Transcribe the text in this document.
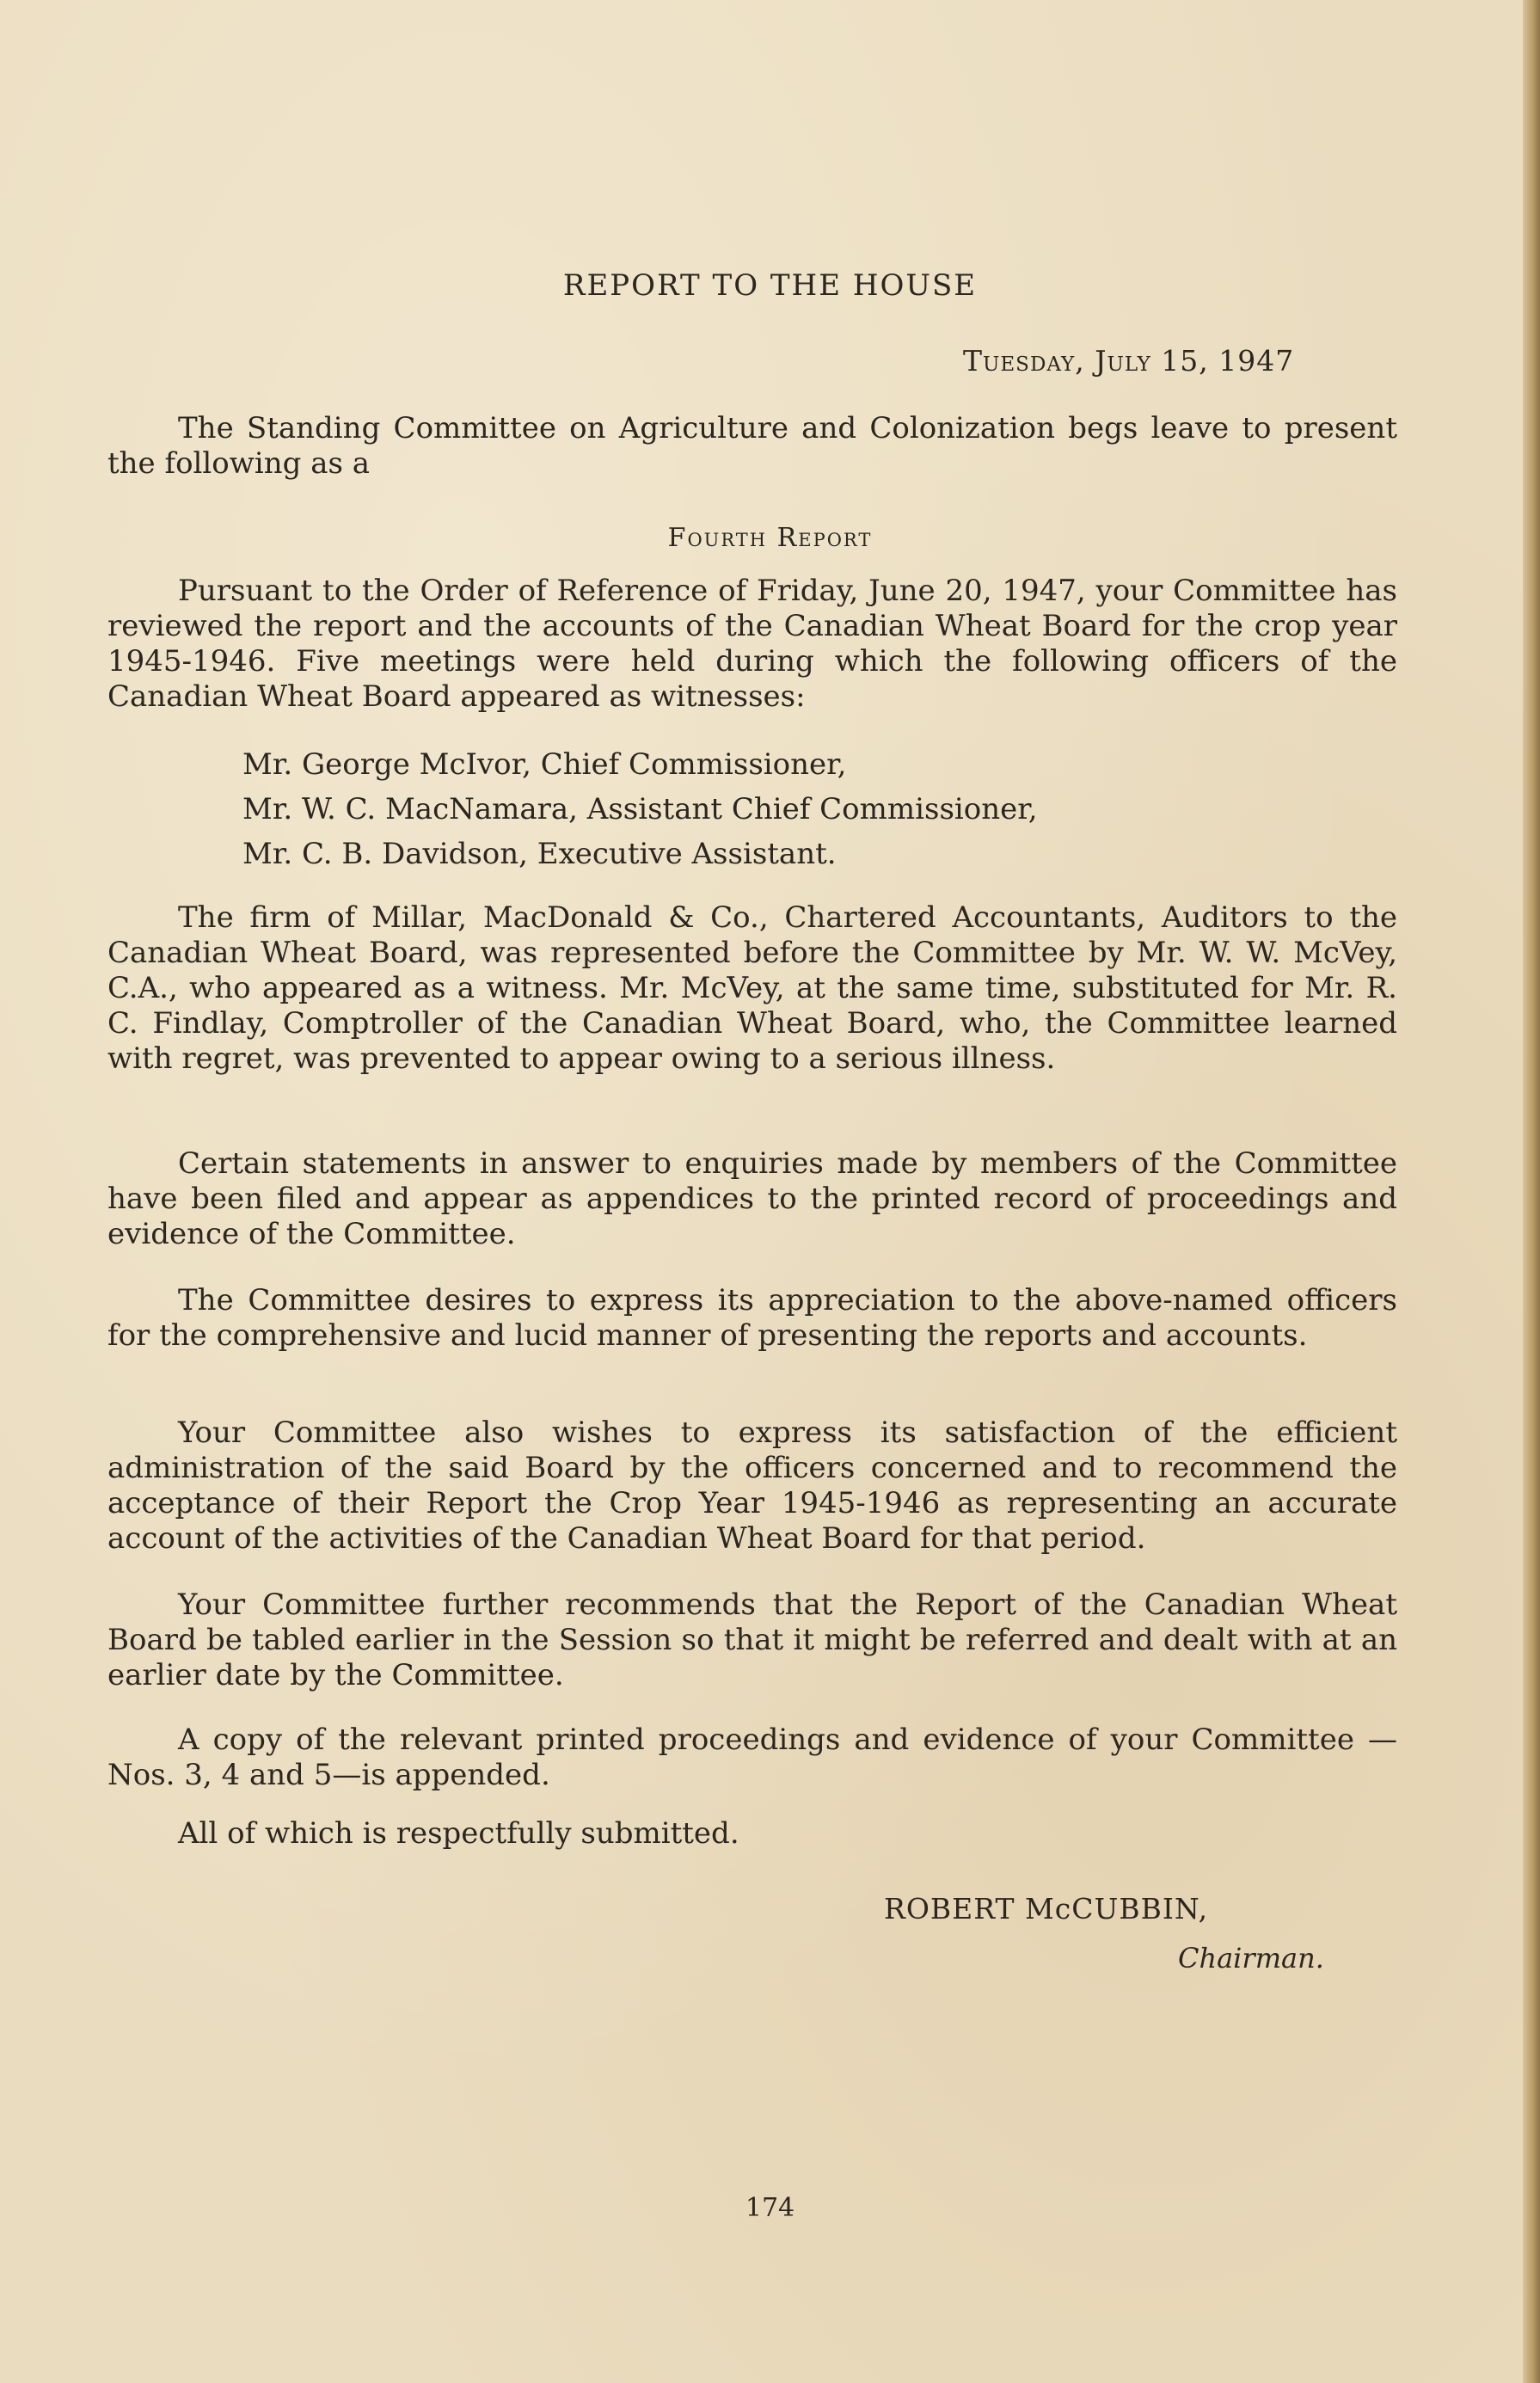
REPORT TO THE HOUSE
Tuesday, July 15, 1947

The Standing Committee on Agriculture and Colonization begs leave to present the following as a

Fourth Report

Pursuant to the Order of Reference of Friday, June 20, 1947, your Committee has reviewed the report and the accounts of the Canadian Wheat Board for the crop year 1945-1946. Five meetings were held during which the following officers of the Canadian Wheat Board appeared as witnesses:

Mr. George McIvor, Chief Commissioner,
Mr. W. C. MacNamara, Assistant Chief Commissioner,
Mr. C. B. Davidson, Executive Assistant.

The firm of Millar, MacDonald & Co., Chartered Accountants, Auditors to the Canadian Wheat Board, was represented before the Committee by Mr. W. W. McVey, C.A., who appeared as a witness. Mr. McVey, at the same time, substituted for Mr. R. C. Findlay, Comptroller of the Canadian Wheat Board, who, the Committee learned with regret, was prevented to appear owing to a serious illness.

Certain statements in answer to enquiries made by members of the Committee have been filed and appear as appendices to the printed record of proceedings and evidence of the Committee.

The Committee desires to express its appreciation to the above-named officers for the comprehensive and lucid manner of presenting the reports and accounts.

Your Committee also wishes to express its satisfaction of the efficient administration of the said Board by the officers concerned and to recommend the acceptance of their Report the Crop Year 1945-1946 as representing an accurate account of the activities of the Canadian Wheat Board for that period.

Your Committee further recommends that the Report of the Canadian Wheat Board be tabled earlier in the Session so that it might be referred and dealt with at an earlier date by the Committee.

A copy of the relevant printed proceedings and evidence of your Committee —Nos. 3, 4 and 5—is appended.

All of which is respectfully submitted.

ROBERT McCUBBIN,
Chairman.
174
